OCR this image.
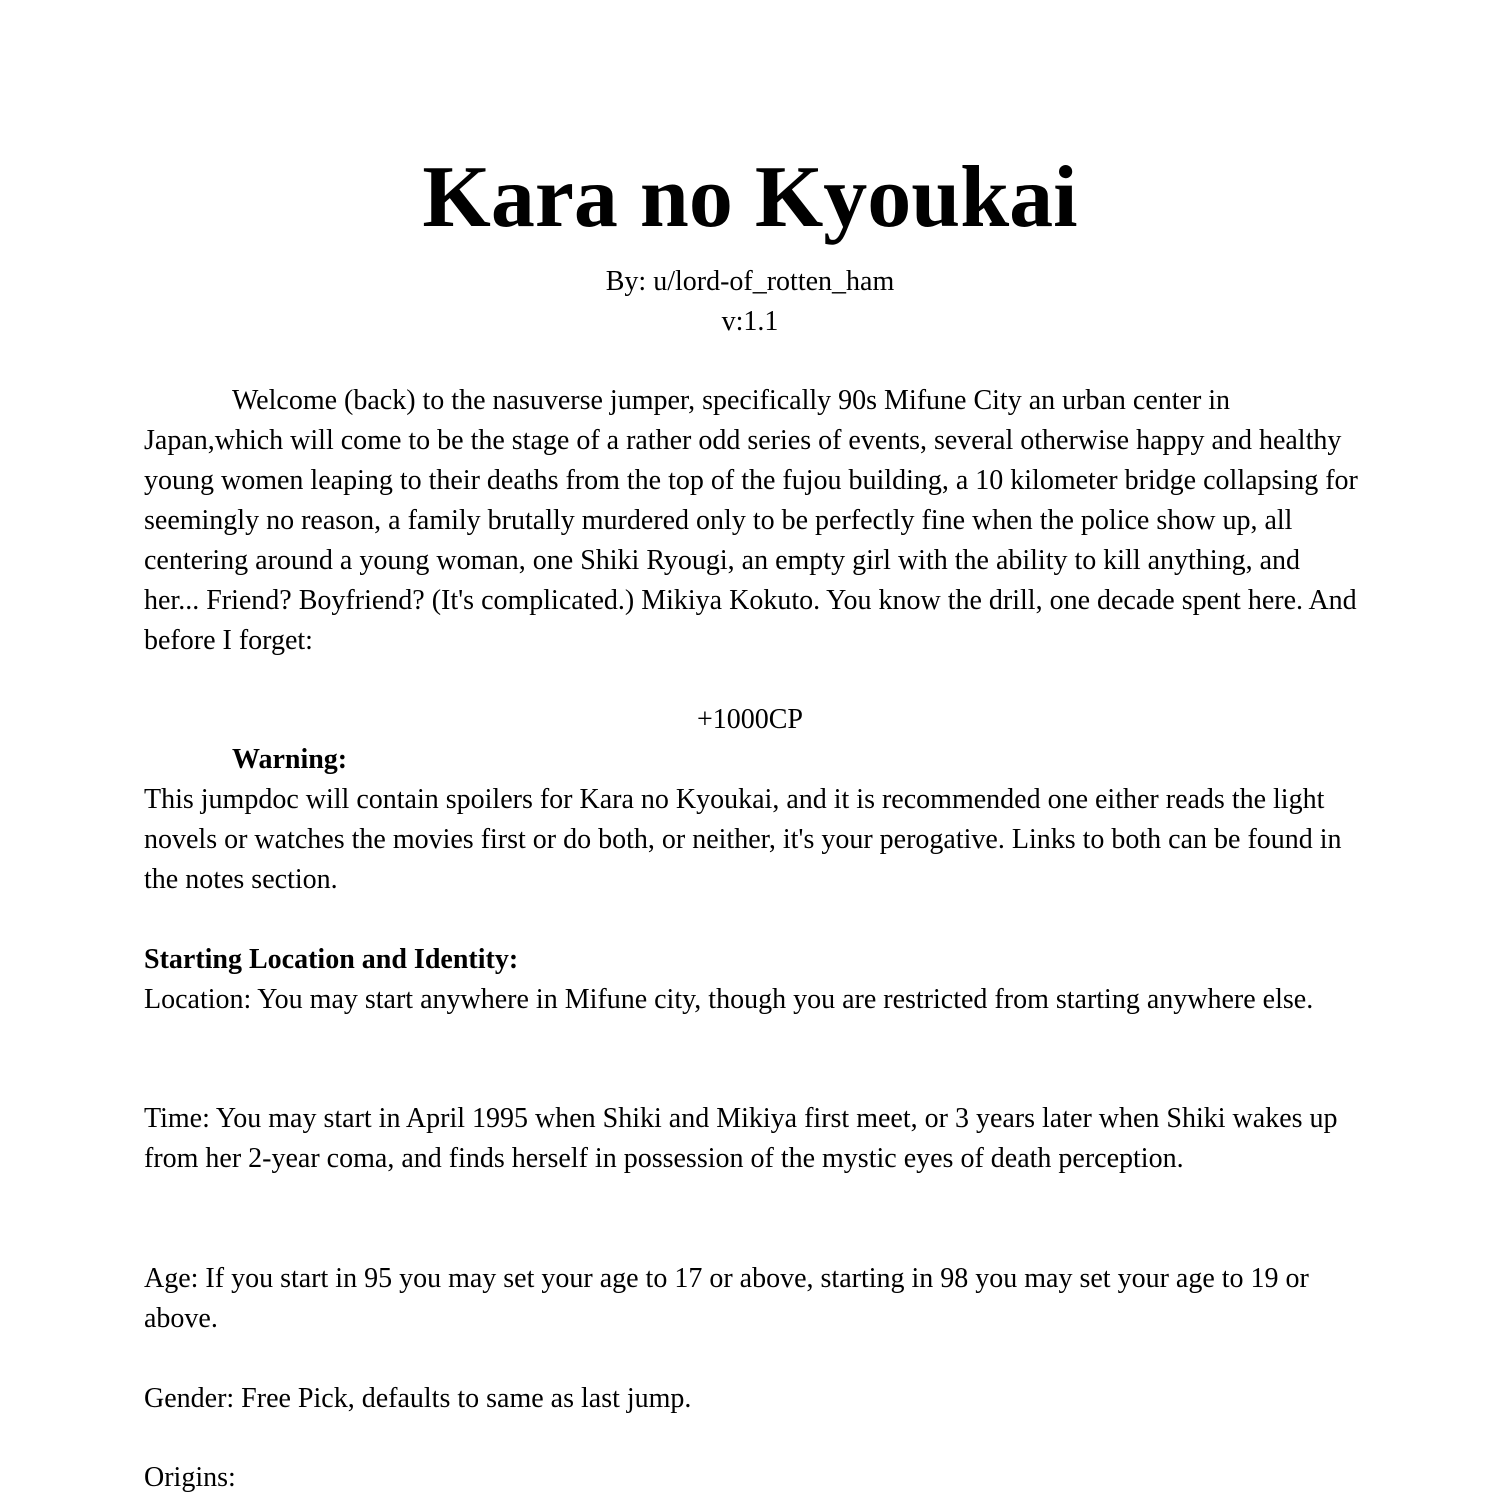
Kara no Kyoukai
By: u/lord-of_rotten_ham
v:1.1

Welcome (back) to the nasuverse jumper, specifically 90s Mifune City an urban center in Japan,which will come to be the stage of a rather odd series of events, several otherwise happy and healthy young women leaping to their deaths from the top of the fujou building, a 10 kilometer bridge collapsing for seemingly no reason, a family brutally murdered only to be perfectly fine when the police show up, all centering around a young woman, one Shiki Ryougi, an empty girl with the ability to kill anything, and her... Friend? Boyfriend? (It's complicated.) Mikiya Kokuto. You know the drill, one decade spent here. And before I forget:

+1000CP
Warning:

This jumpdoc will contain spoilers for Kara no Kyoukai, and it is recommended one either reads the light novels or watches the movies first or do both, or neither, it's your perogative. Links to both can be found in the notes section.

Starting Location and Identity:

Location: You may start anywhere in Mifune city, though you are restricted from starting anywhere else.

Time: You may start in April 1995 when Shiki and Mikiya first meet, or 3 years later when Shiki wakes up from her 2-year coma, and finds herself in possession of the mystic eyes of death perception.

Age: If you start in 95 you may set your age to 17 or above, starting in 98 you may set your age to 19 or above.

Gender: Free Pick, defaults to same as last jump.

Origins:
